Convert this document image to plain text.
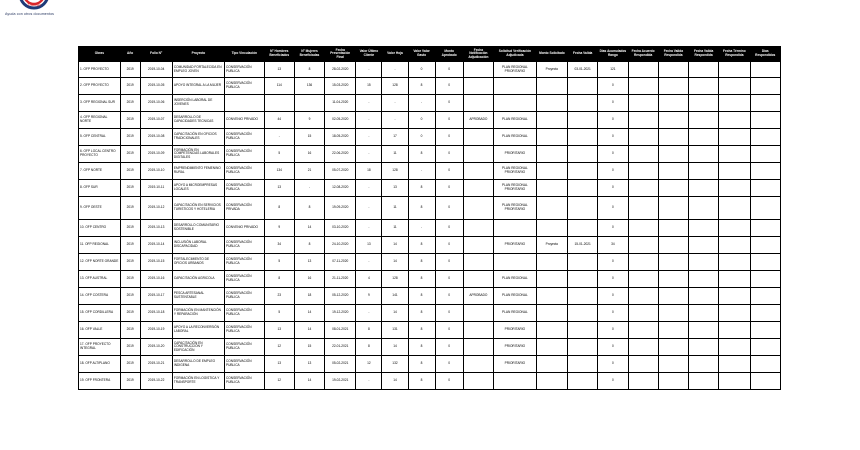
Trabajo
Ayuda con otros documentos
Obras	Año	Folio N°	Proyecto	Tipo Vinculación	N° Hombres Beneficiados	N° Mujeres Beneficiadas	Fecha Presentación Final	Valor Último Cliente	Valor Hoja	Valor Valor Gasto	Monto Aprobado	Fecha Notificación Adjudicación	Solicitud Verificación Adjudicada	Monto Solicitado	Fecha Valida	Días Acumulados Rango	Fecha Acuerdo Respondida	Fecha Valida Respondida	Fecha Valida Respondida	Fecha Término Respondida	Días Respondidos
1. OFP PROYECTO	2019	2019-10-04	COMUNIDAD FORTALECIDA EN EMPLEO JOVEN	CONSERVACIÓN PUBLICA	13	8	28-02-2020	-	-	0	0		PLAN REGIONAL PRIORITARIO	Proyecto	03-01-2021	121					
2. OFP PROYECTO	2019	2019-10-05	APOYO INTEGRAL A LA MUJER	CONSERVACIÓN PUBLICA	114	136	15-03-2020	15	128	8	0					0					
3. OFP REGIONAL SUR	2019	2019-10-06	INSERCIÓN LABORAL DE JOVENES				11-04-2020	-	-	-	0					0					
4. OFP REGIONAL NORTE	2019	2019-10-07	DESARROLLO DE CAPACIDADES TECNICAS	CONVENIO PRIVADO	44	9	02-05-2020	-	-	0	0	APROBADO	PLAN REGIONAL			0					
5. OFP CENTRAL	2019	2019-10-08	CAPACITACIÓN EN OFICIOS TRADICIONALES	CONSERVACIÓN PUBLICA	-	15	18-05-2020	-	17	0	0		PLAN REGIONAL			0					
6. OFP LOCAL CENTRO PROYECTO	2019	2019-10-09	FORMACIÓN EN COMPETENCIAS LABORALES DIGITALES	CONSERVACIÓN PUBLICA	5	16	22-06-2020	-	11	8	0		PRIORITARIO			0					
7. OFP NORTE	2019	2019-10-10	EMPRENDIMIENTO FEMENINO RURAL	CONSERVACIÓN PUBLICA	134	21	05-07-2020	18	128	-	0		PLAN REGIONAL PRIORITARIO			0					
8. OFP SUR	2019	2019-10-11	APOYO A MICROEMPRESAS LOCALES	CONSERVACIÓN PUBLICA	13	-	12-08-2020	-	13	8	0		PLAN REGIONAL PRIORITARIO			0					
9. OFP OESTE	2019	2019-10-12	CAPACITACIÓN EN SERVICIOS TURISTICOS Y HOTELERIA	CONSERVACIÓN PRIVADA	8	8	19-09-2020	-	11	8	0		PLAN REGIONAL PRIORITARIO			0					
10. OFP CENTRO	2019	2019-10-13	DESARROLLO COMUNITARIO SOSTENIBLE	CONVENIO PRIVADO	9	14	03-10-2020	-	11	-	0					0					
11. OFP REGIONAL	2019	2019-10-14	INCLUSIÓN LABORAL DISCAPACIDAD	CONSERVACIÓN PUBLICA	34	8	24-10-2020	13	14	8	0		PRIORITARIO	Proyecto	15-01-2021	34					
12. OFP NORTE GRANDE	2019	2019-10-15	FORTALECIMIENTO DE OFICIOS URBANOS	CONSERVACIÓN PUBLICA	5	13	07-11-2020	-	14	8	0					0					
13. OFP AUSTRAL	2019	2019-10-16	CAPACITACIÓN AGRICOLA	CONSERVACIÓN PUBLICA	8	16	21-11-2020	4	128	8	0		PLAN REGIONAL			0					
14. OFP COSTERA	2019	2019-10-17	PESCA ARTESANAL SUSTENTABLE	CONSERVACIÓN PUBLICA	23	18	05-12-2020	9	141	8	0	APROBADO	PLAN REGIONAL			0					
15. OFP CORDILLERA	2019	2019-10-18	FORMACIÓN EN MANTENCIÓN Y REPARACIÓN	CONSERVACIÓN PUBLICA	5	14	19-12-2020	-	14	8	0		PLAN REGIONAL			0					
16. OFP VALLE	2019	2019-10-19	APOYO A LA RECONVERSIÓN LABORAL	CONSERVACIÓN PUBLICA	13	14	08-01-2021	8	131	8	0		PRIORITARIO			0					
17. OFP PROYECTO INTEGRAL	2019	2019-10-20	CAPACITACIÓN EN CONSTRUCCIÓN Y EDIFICACIÓN	CONSERVACIÓN PUBLICA	12	15	22-01-2021	8	14	8	0		PRIORITARIO			0					
18. OFP ALTIPLANO	2019	2019-10-21	DESARROLLO DE EMPLEO INDIGENA	CONSERVACIÓN PUBLICA	13	13	05-02-2021	12	132	8	0		PRIORITARIO			0					
19. OFP FRONTERA	2019	2019-10-22	FORMACIÓN EN LOGISTICA Y TRANSPORTE	CONSERVACIÓN PUBLICA	12	14	19-02-2021	-	14	8	0					0					
